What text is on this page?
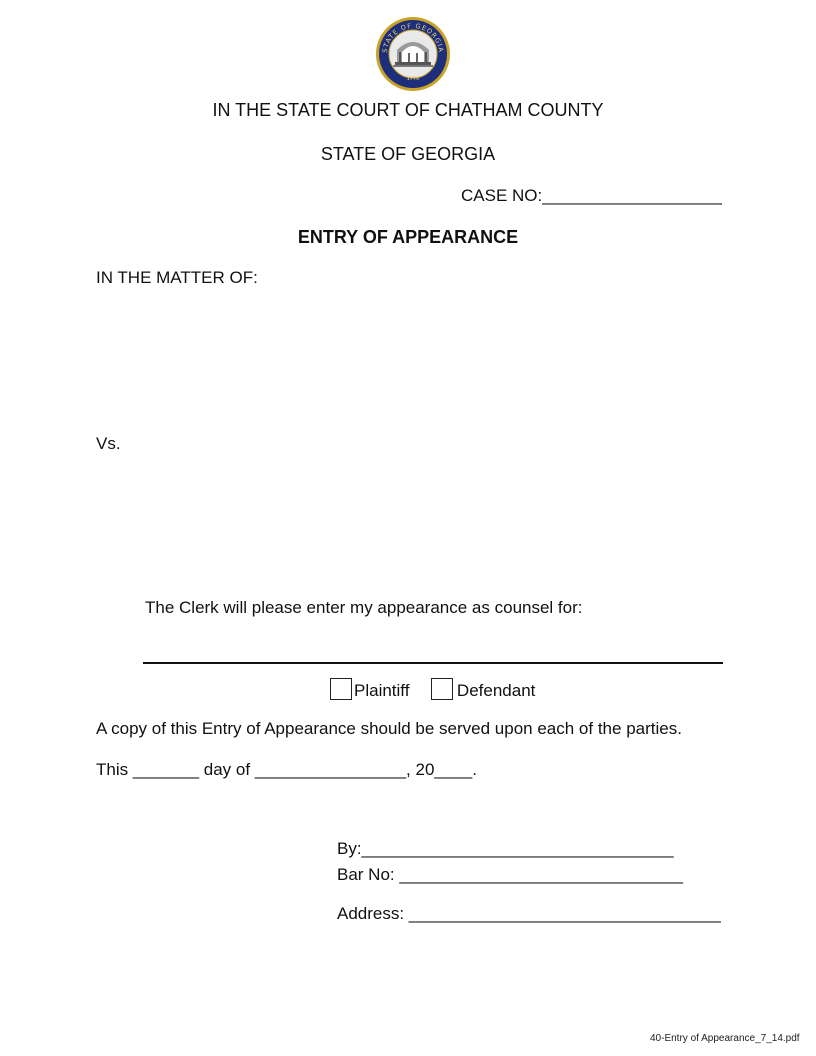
STATE OF GEORGIA
1776
IN THE STATE COURT OF CHATHAM COUNTY
STATE OF GEORGIA
CASE NO:___________________
ENTRY OF APPEARANCE
IN THE MATTER OF:
Vs.
The Clerk will please enter my appearance as counsel for:
Plaintiff	Defendant
A copy of this Entry of Appearance should be served upon each of the parties.
This _______ day of ________________, 20____.
By:_________________________________
Bar No: ______________________________
Address: _________________________________
40-Entry of Appearance_7_14.pdf
